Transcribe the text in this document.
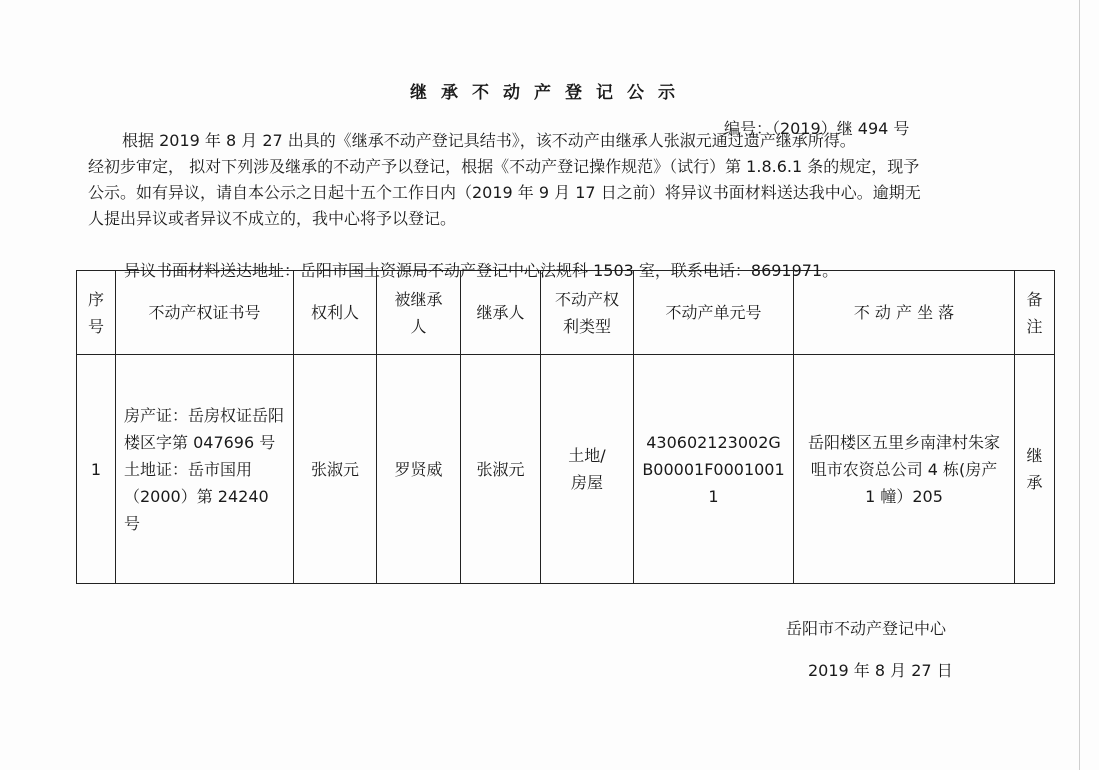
继承不动产登记公示
编号：（2019）继 494 号
根据 2019 年 8 月 27 出具的《继承不动产登记具结书》，该不动产由继承人张淑元通过遗产继承所得。
经初步审定， 拟对下列涉及继承的不动产予以登记，根据《不动产登记操作规范》（试行）第 1.8.6.1 条的规定，现予
公示。如有异议，请自本公示之日起十五个工作日内（2019 年 9 月 17 日之前）将异议书面材料送达我中心。逾期无
人提出异议或者异议不成立的，我中心将予以登记。
序号	不动产权证书号	权利人	被继承人	继承人	不动产权利类型	不动产单元号	不 动 产 坐 落	备注

1	房产证：岳房权证岳阳楼区字第 047696 号
土地证：岳市国用（2000）第 24240 号	张淑元	罗贤威	张淑元	土地/房屋	430602123002GB00001F00010011	岳阳楼区五里乡南津村朱家咀市农资总公司 4 栋(房产 1 幢）205	继承
异议书面材料送达地址：岳阳市国土资源局不动产登记中心法规科 1503 室，联系电话：8691971。
岳阳市不动产登记中心
2019 年 8 月 27 日
